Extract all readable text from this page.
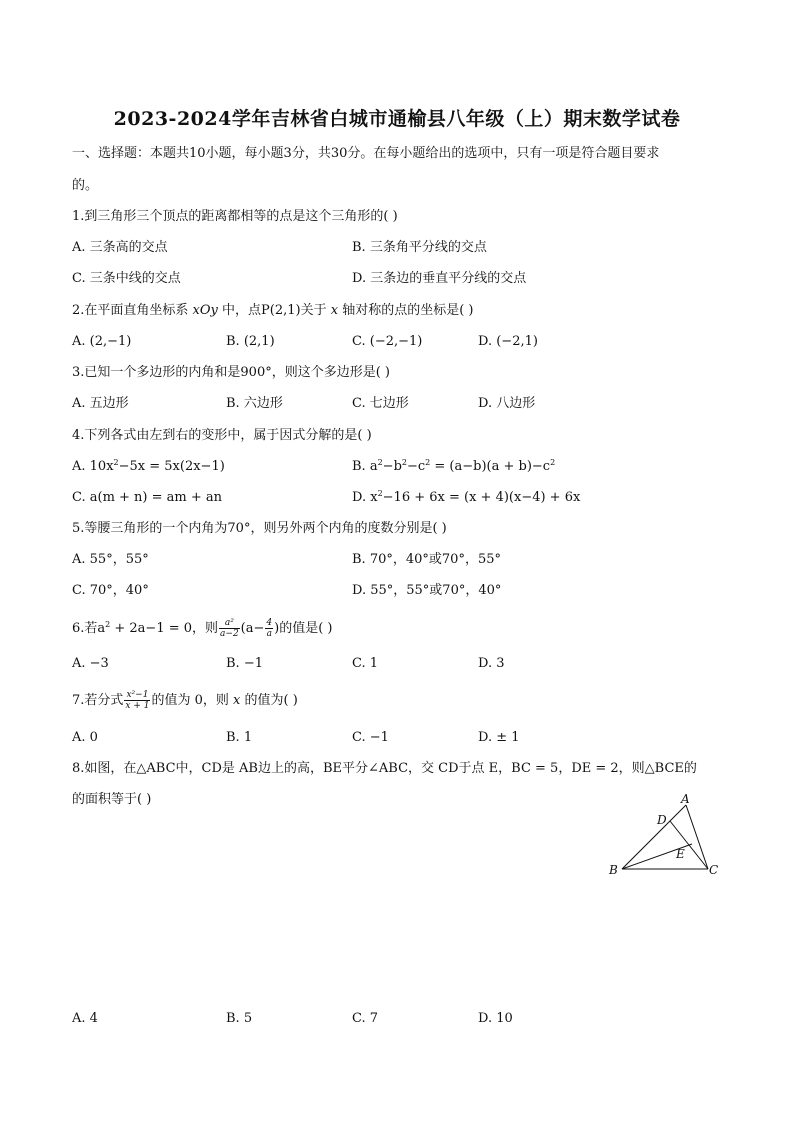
2023-2024学年吉林省白城市通榆县八年级（上）期末数学试卷
一、选择题：本题共10小题，每小题3分，共30分。在每小题给出的选项中，只有一项是符合题目要求
的。
1.到三角形三个顶点的距离都相等的点是这个三角形的( )
A. 三条高的交点	B. 三条角平分线的交点
C. 三条中线的交点	D. 三条边的垂直平分线的交点
2.在平面直角坐标系 xOy 中，点P(2,1)关于 x 轴对称的点的坐标是( )
A. (2,−1)	B. (2,1)	C. (−2,−1)	D. (−2,1)
3.已知一个多边形的内角和是900°，则这个多边形是( )
A. 五边形	B. 六边形	C. 七边形	D. 八边形
4.下列各式由左到右的变形中，属于因式分解的是( )
A. $10x^2-5x = 5x(2x-1)$	B. $a^2-b^2-c^2 = (a-b)(a + b)-c^2$
C. a(m + n) = am + an	D. $x^2-16 + 6x = (x + 4)(x-4) + 6x$
5.等腰三角形的一个内角为70°，则另外两个内角的度数分别是( )
A. 55°，55°	B. 70°，40°或70°，55°
C. 70°，40°	D. 55°，55°或70°，40°
6.若$a^2 + 2a-1 = 0$，则 $\frac{\text{a²}}{a-2} (a- \frac{4}{a}$ )的值是( )
A. −3	B. −1	C. 1	D. 3
7.若分式 $\frac{\text{x²−1}}{x + 1}$ 的值为 0，则 x 的值为( )
A. 0	B. 1	C. −1	D. ± 1
8.如图，在△ABC中，CD是 AB边上的高，BE平分∠ABC，交 CD于点 E，BC = 5，DE = 2，则△BCE的
的面积等于( )	A
D
E
B	C
A. 4	B. 5	C. 7	D. 10
